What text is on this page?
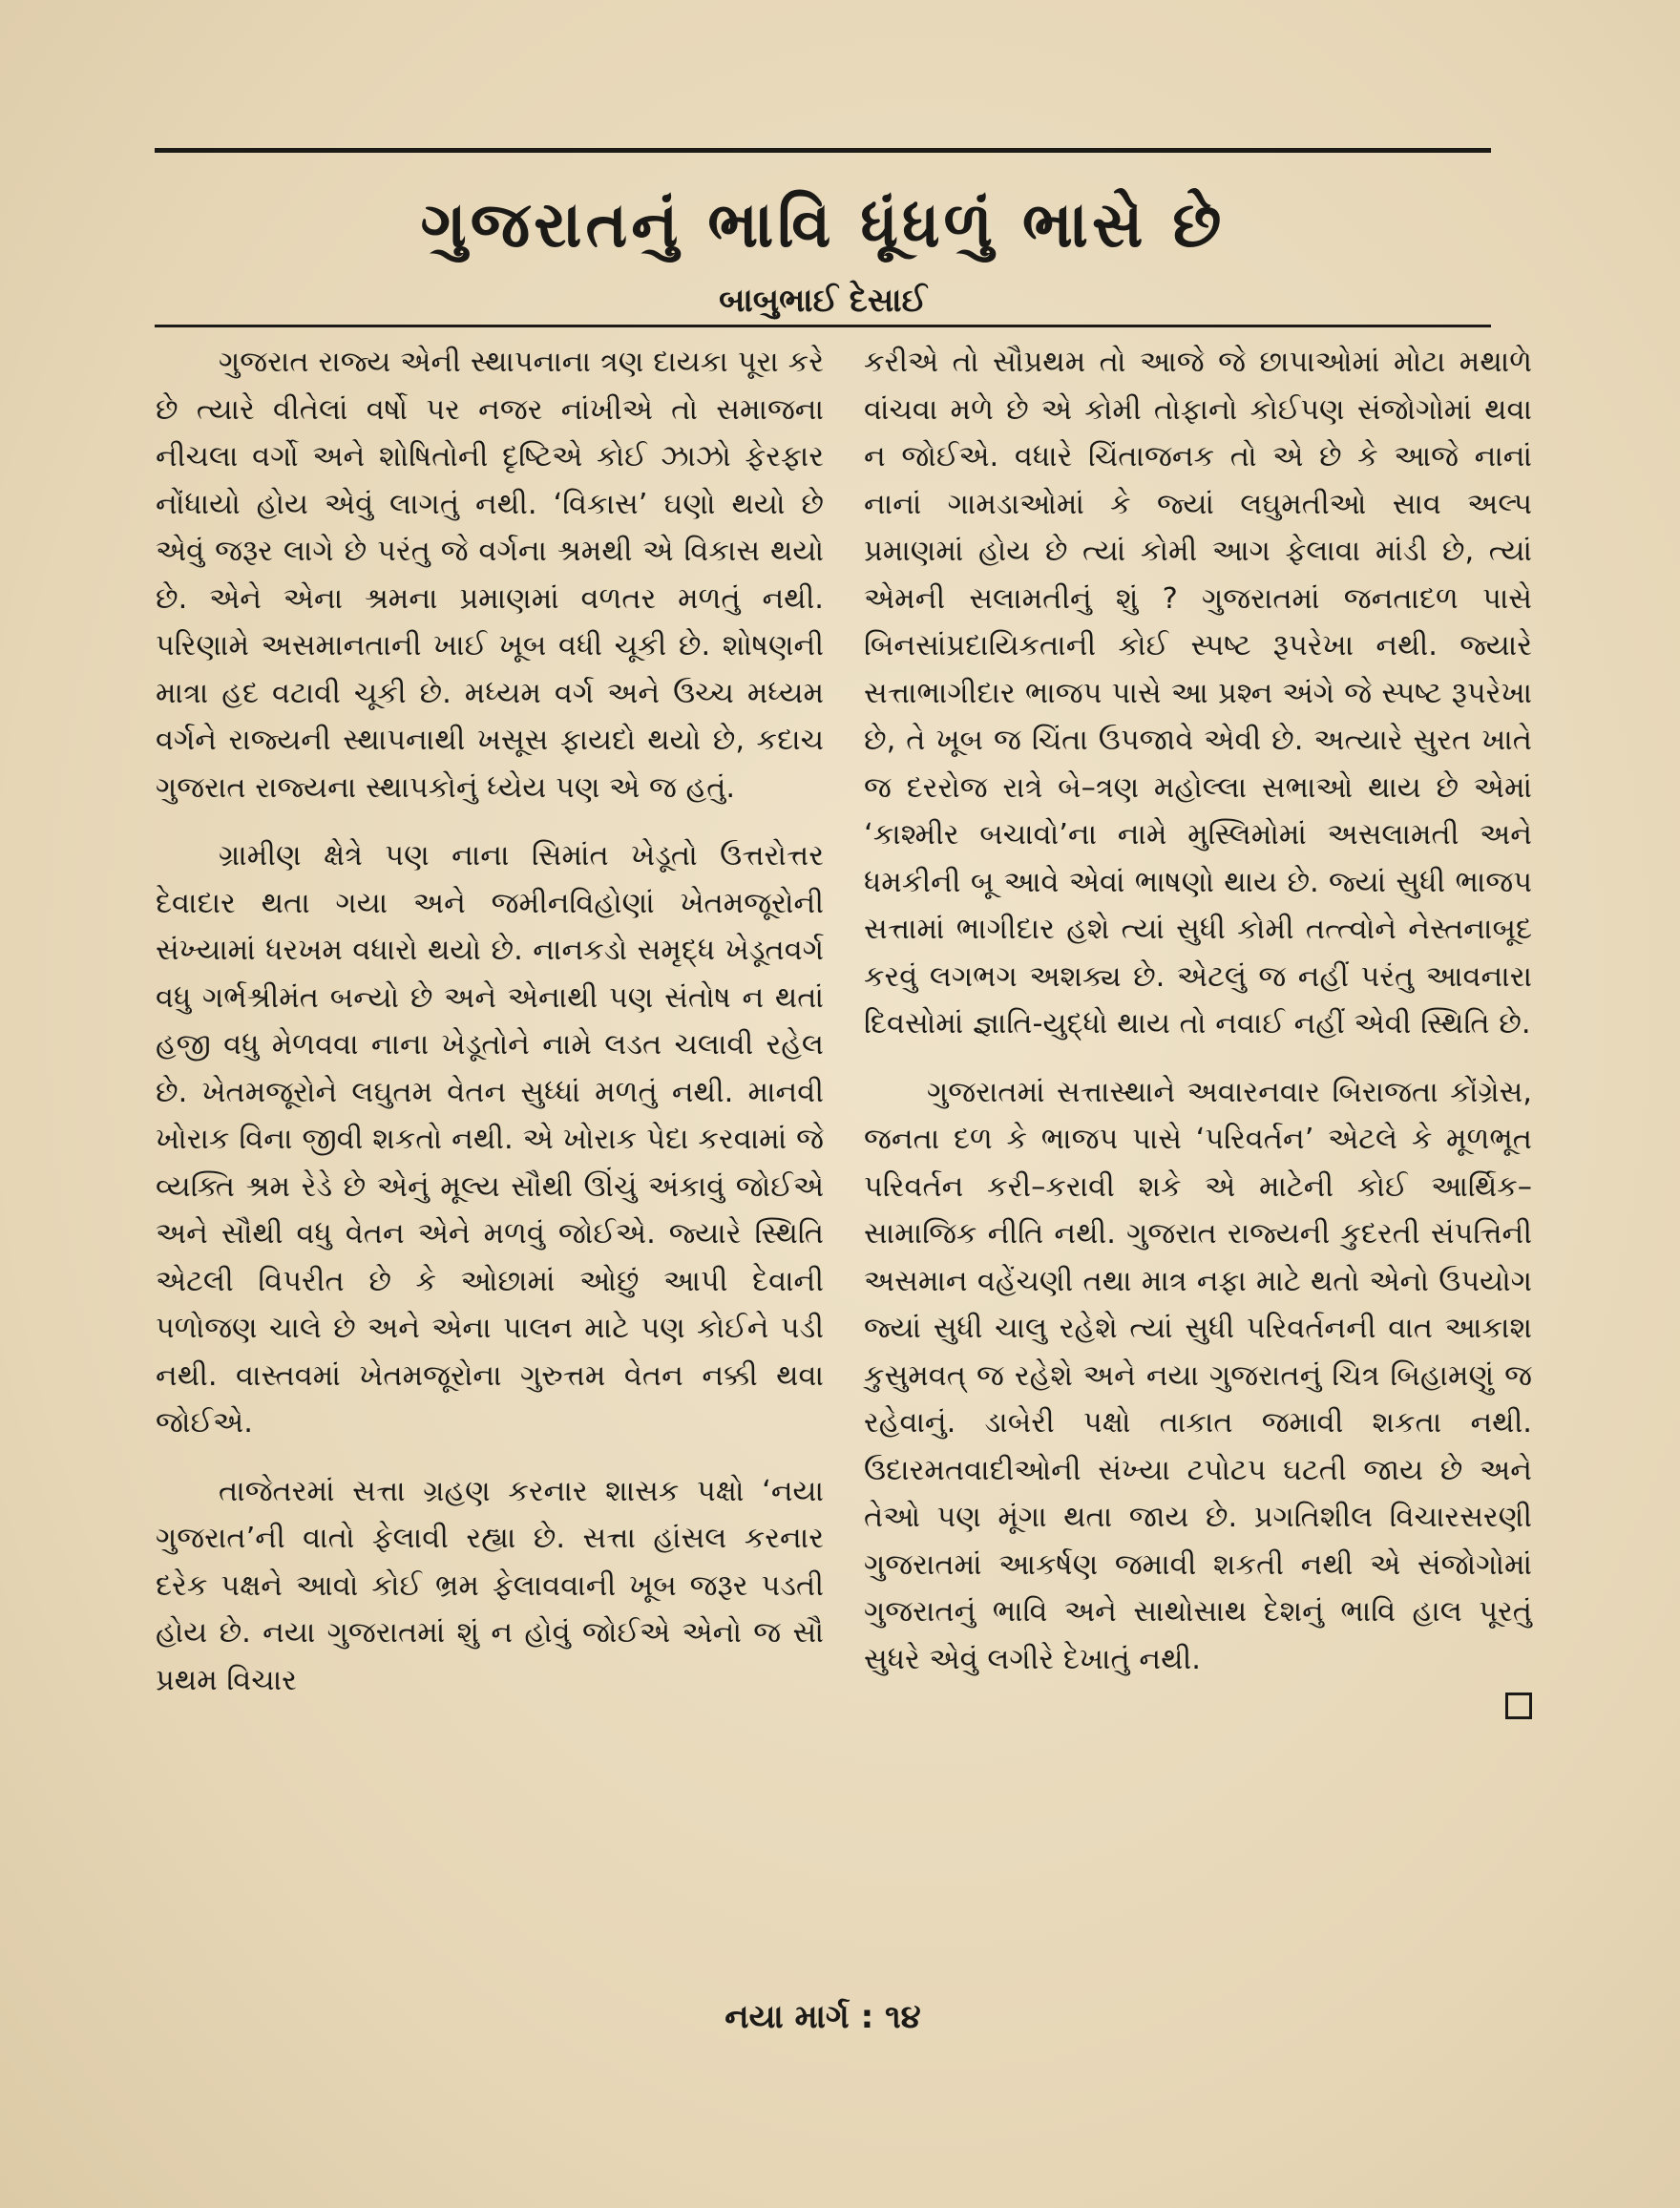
ગુજરાતનું ભાવિ ધૂંધળું ભાસે છે
બાબુભાઈ દેસાઈ

ગુજરાત રાજ્ય એની સ્થાપનાના ત્રણ દાયકા પૂરા કરે છે ત્યારે વીતેલાં વર્ષો પર નજર નાંખીએ તો સમાજના નીચલા વર્ગો અને શોષિતોની દૃષ્ટિએ કોઈ ઝાઝો ફેરફાર નોંધાયો હોય એવું લાગતું નથી. ‘વિકાસ’ ઘણો થયો છે એવું જરૂર લાગે છે પરંતુ જે વર્ગના શ્રમથી એ વિકાસ થયો છે. એને એના શ્રમના પ્રમાણમાં વળતર મળતું નથી. પરિણામે અસમાનતાની ખાઈ ખૂબ વધી ચૂકી છે. શોષણની માત્રા હદ વટાવી ચૂકી છે. મધ્યમ વર્ગ અને ઉચ્ચ મધ્યમ વર્ગને રાજ્યની સ્થાપનાથી ખસૂસ ફાયદો થયો છે, કદાચ ગુજરાત રાજ્યના સ્થાપકોનું ધ્યેય પણ એ જ હતું.

ગ્રામીણ ક્ષેત્રે પણ નાના સિમાંત ખેડૂતો ઉત્તરોત્તર દેવાદાર થતા ગયા અને જમીનવિહોણાં ખેતમજૂરોની સંખ્યામાં ધરખમ વધારો થયો છે. નાનકડો સમૃદ્ધ ખેડૂતવર્ગ વધુ ગર્ભશ્રીમંત બન્યો છે અને એનાથી પણ સંતોષ ન થતાં હજી વધુ મેળવવા નાના ખેડૂતોને નામે લડત ચલાવી રહેલ છે. ખેતમજૂરોને લઘુતમ વેતન સુધ્ધાં મળતું નથી. માનવી ખોરાક વિના જીવી શકતો નથી. એ ખોરાક પેદા કરવામાં જે વ્યક્તિ શ્રમ રેડે છે એનું મૂલ્ય સૌથી ઊંચું અંકાવું જોઈએ અને સૌથી વધુ વેતન એને મળવું જોઈએ. જ્યારે સ્થિતિ એટલી વિપરીત છે કે ઓછામાં ઓછું આપી દેવાની પળોજણ ચાલે છે અને એના પાલન માટે પણ કોઈને પડી નથી. વાસ્તવમાં ખેતમજૂરોના ગુરુત્તમ વેતન નક્કી થવા જોઈએ.

તાજેતરમાં સત્તા ગ્રહણ કરનાર શાસક પક્ષો ‘નયા ગુજરાત’ની વાતો ફેલાવી રહ્યા છે. સત્તા હાંસલ કરનાર દરેક પક્ષને આવો કોઈ ભ્રમ ફેલાવવાની ખૂબ જરૂર પડતી હોય છે. નયા ગુજરાતમાં શું ન હોવું જોઈએ એનો જ સૌ પ્રથમ વિચાર

કરીએ તો સૌપ્રથમ તો આજે જે છાપાઓમાં મોટા મથાળે વાંચવા મળે છે એ કોમી તોફાનો કોઈપણ સંજોગોમાં થવા ન જોઈએ. વધારે ચિંતાજનક તો એ છે કે આજે નાનાં નાનાં ગામડાઓમાં કે જ્યાં લઘુમતીઓ સાવ અલ્પ પ્રમાણમાં હોય છે ત્યાં કોમી આગ ફેલાવા માંડી છે, ત્યાં એમની સલામતીનું શું ? ગુજરાતમાં જનતાદળ પાસે બિનસાંપ્રદાયિકતાની કોઈ સ્પષ્ટ રૂપરેખા નથી. જ્યારે સત્તાભાગીદાર ભાજપ પાસે આ પ્રશ્ન અંગે જે સ્પષ્ટ રૂપરેખા છે, તે ખૂબ જ ચિંતા ઉપજાવે એવી છે. અત્યારે સુરત ખાતે જ દરરોજ રાત્રે બે–ત્રણ મહોલ્લા સભાઓ થાય છે એમાં ‘કાશ્મીર બચાવો’ના નામે મુસ્લિમોમાં અસલામતી અને ધમકીની બૂ આવે એવાં ભાષણો થાય છે. જ્યાં સુધી ભાજપ સત્તામાં ભાગીદાર હશે ત્યાં સુધી કોમી તત્ત્વોને નેસ્તનાબૂદ કરવું લગભગ અશક્ય છે. એટલું જ નહીં પરંતુ આવનારા દિવસોમાં જ્ઞાતિ-યુદ્ધો થાય તો નવાઈ નહીં એવી સ્થિતિ છે.

ગુજરાતમાં સત્તાસ્થાને અવારનવાર બિરાજતા કોંગ્રેસ, જનતા દળ કે ભાજપ પાસે ‘પરિવર્તન’ એટલે કે મૂળભૂત પરિવર્તન કરી–કરાવી શકે એ માટેની કોઈ આર્થિક–સામાજિક નીતિ નથી. ગુજરાત રાજ્યની કુદરતી સંપત્તિની અસમાન વહેંચણી તથા માત્ર નફા માટે થતો એનો ઉપયોગ જ્યાં સુધી ચાલુ રહેશે ત્યાં સુધી પરિવર્તનની વાત આકાશ કુસુમવત્ જ રહેશે અને નયા ગુજરાતનું ચિત્ર બિહામણું જ રહેવાનું. ડાબેરી પક્ષો તાકાત જમાવી શકતા નથી. ઉદારમતવાદીઓની સંખ્યા ટપોટપ ઘટતી જાય છે અને તેઓ પણ મૂંગા થતા જાય છે. પ્રગતિશીલ વિચારસરણી ગુજરાતમાં આકર્ષણ જમાવી શકતી નથી એ સંજોગોમાં ગુજરાતનું ભાવિ અને સાથોસાથ દેશનું ભાવિ હાલ પૂરતું સુધરે એવું લગીરે દેખાતું નથી.

નયા માર્ગ : ૧૪
